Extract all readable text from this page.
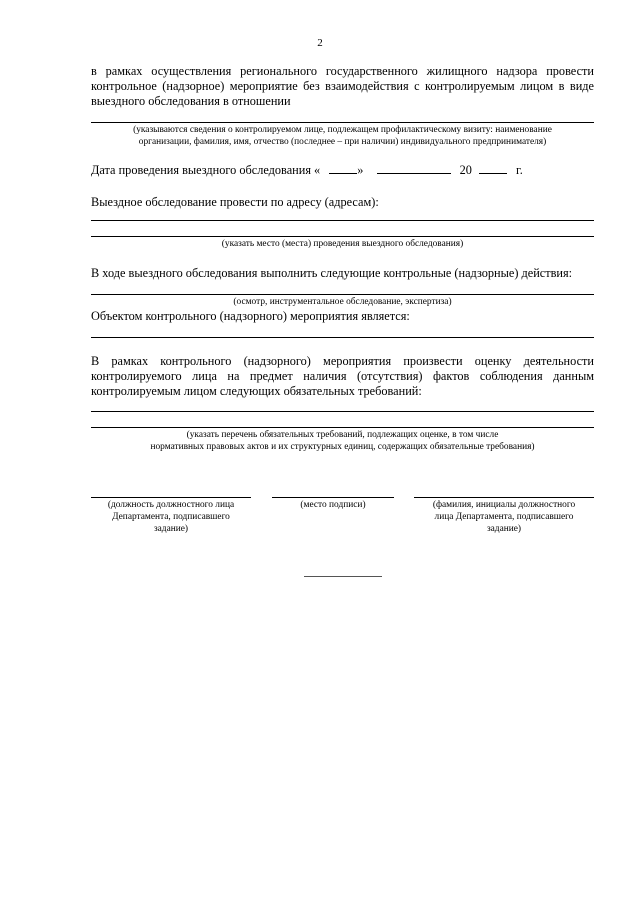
2
в рамках осуществления регионального государственного жилищного надзора провести
контрольное (надзорное) мероприятие без взаимодействия с контролируемым лицом в виде
выездного обследования в отношении
(указываются сведения о контролируемом лице, подлежащем профилактическому визиту: наименование
организации, фамилия, имя, отчество (последнее – при наличии) индивидуального предпринимателя)
Дата проведения выездного обследования «	»	20	г.
Выездное обследование провести по адресу (адресам):
(указать место (места) проведения выездного обследования)
В ходе выездного обследования выполнить следующие контрольные (надзорные) действия:
(осмотр, инструментальное обследование, экспертиза)
Объектом контрольного (надзорного) мероприятия является:
В рамках контрольного (надзорного) мероприятия произвести оценку деятельности
контролируемого лица на предмет наличия (отсутствия) фактов соблюдения данным
контролируемым лицом следующих обязательных требований:
(указать перечень обязательных требований, подлежащих оценке, в том числе
нормативных правовых актов и их структурных единиц, содержащих обязательные требования)
(должность должностного лица
Департамента, подписавшего
задание)
(место подписи)	(фамилия, инициалы должностного
лица Департамента, подписавшего
задание)
